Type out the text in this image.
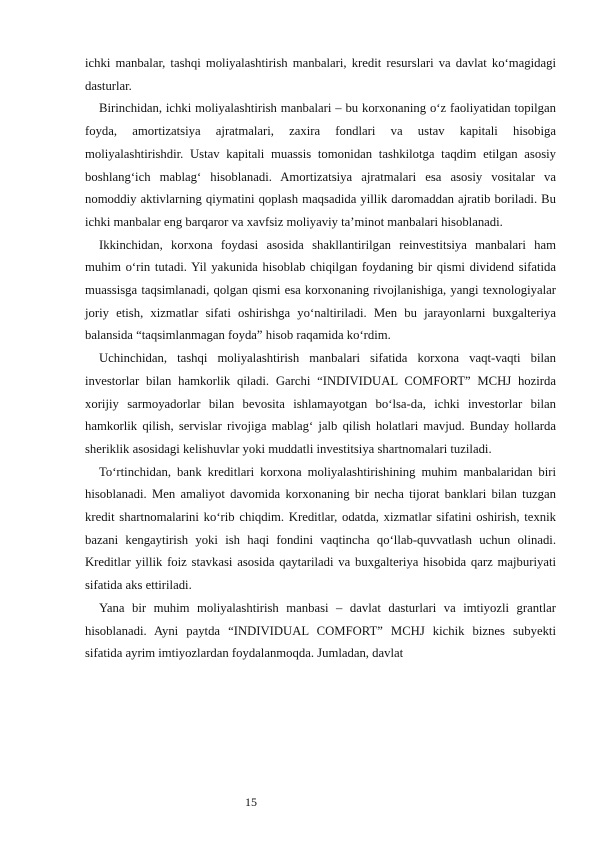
ichki manbalar, tashqi moliyalashtirish manbalari, kredit resurslari va davlat ko‘magidagi dasturlar.

Birinchidan, ichki moliyalashtirish manbalari – bu korxonaning o‘z faoliyatidan topilgan foyda, amortizatsiya ajratmalari, zaxira fondlari va ustav kapitali hisobiga moliyalashtirishdir. Ustav kapitali muassis tomonidan tashkilotga taqdim etilgan asosiy boshlang‘ich mablag‘ hisoblanadi. Amortizatsiya ajratmalari esa asosiy vositalar va nomoddiy aktivlarning qiymatini qoplash maqsadida yillik daromaddan ajratib boriladi. Bu ichki manbalar eng barqaror va xavfsiz moliyaviy ta’minot manbalari hisoblanadi.

Ikkinchidan, korxona foydasi asosida shakllantirilgan reinvestitsiya manbalari ham muhim o‘rin tutadi. Yil yakunida hisoblab chiqilgan foydaning bir qismi dividend sifatida muassisga taqsimlanadi, qolgan qismi esa korxonaning rivojlanishiga, yangi texnologiyalar joriy etish, xizmatlar sifati oshirishga yo‘naltiriladi. Men bu jarayonlarni buxgalteriya balansida “taqsimlanmagan foyda” hisob raqamida ko‘rdim.

Uchinchidan, tashqi moliyalashtirish manbalari sifatida korxona vaqt-vaqti bilan investorlar bilan hamkorlik qiladi. Garchi “INDIVIDUAL COMFORT” MCHJ hozirda xorijiy sarmoyadorlar bilan bevosita ishlamayotgan bo‘lsa-da, ichki investorlar bilan hamkorlik qilish, servislar rivojiga mablag‘ jalb qilish holatlari mavjud. Bunday hollarda sheriklik asosidagi kelishuvlar yoki muddatli investitsiya shartnomalari tuziladi.

To‘rtinchidan, bank kreditlari korxona moliyalashtirishining muhim manbalaridan biri hisoblanadi. Men amaliyot davomida korxonaning bir necha tijorat banklari bilan tuzgan kredit shartnomalarini ko‘rib chiqdim. Kreditlar, odatda, xizmatlar sifatini oshirish, texnik bazani kengaytirish yoki ish haqi fondini vaqtincha qo‘llab-quvvatlash uchun olinadi. Kreditlar yillik foiz stavkasi asosida qaytariladi va buxgalteriya hisobida qarz majburiyati sifatida aks ettiriladi.

Yana bir muhim moliyalashtirish manbasi – davlat dasturlari va imtiyozli grantlar hisoblanadi. Ayni paytda “INDIVIDUAL COMFORT” MCHJ kichik biznes subyekti sifatida ayrim imtiyozlardan foydalanmoqda. Jumladan, davlat

15
